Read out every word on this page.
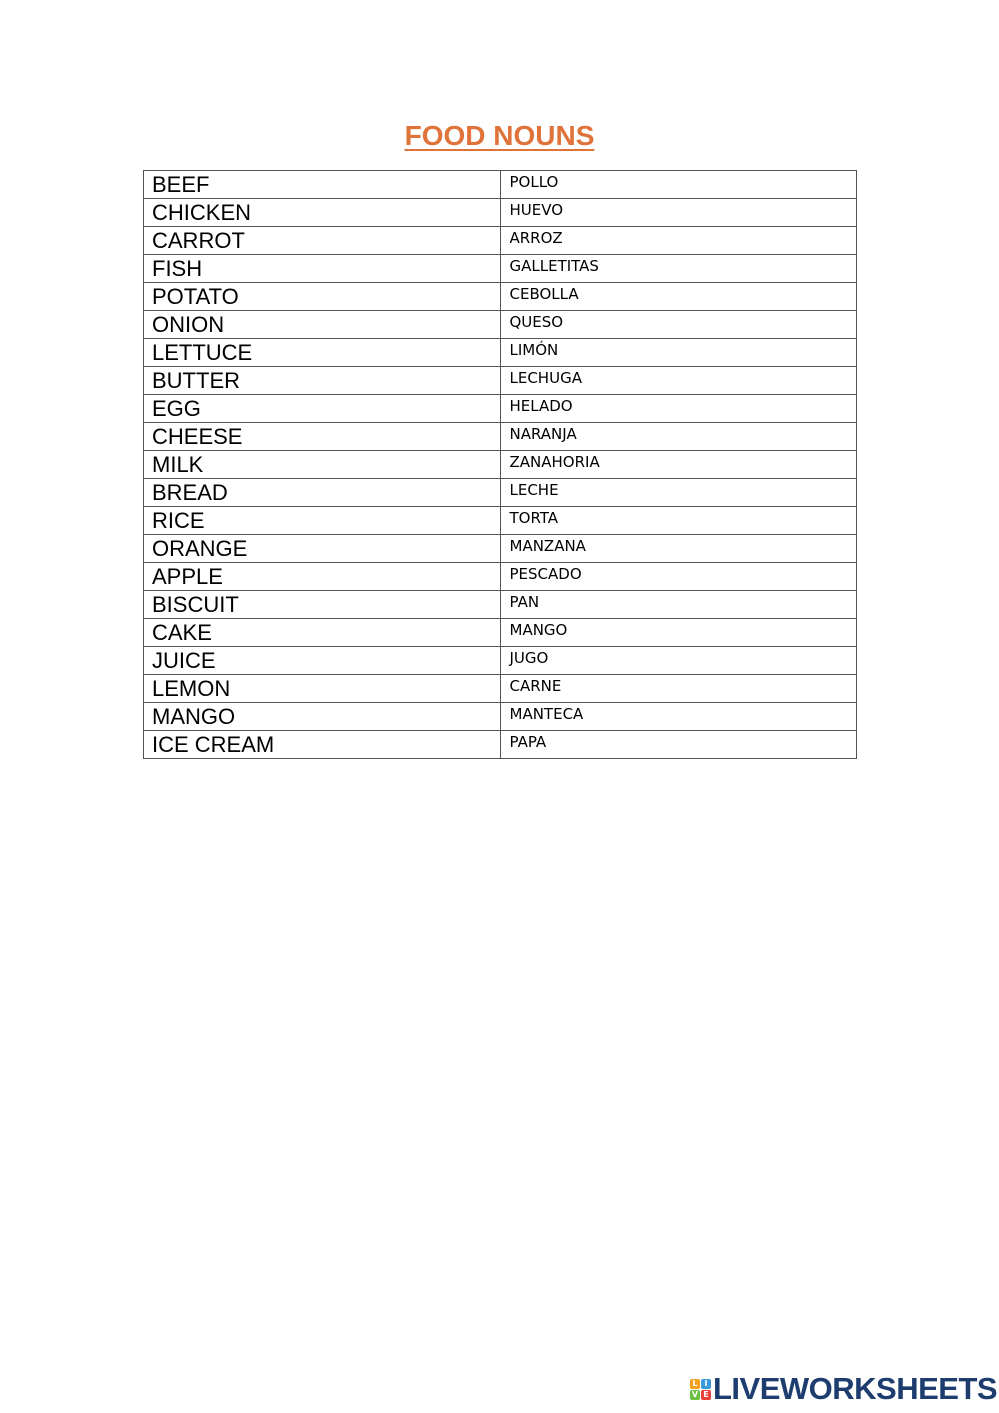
FOOD NOUNS
BEEF	POLLO

CHICKEN	HUEVO

CARROT	ARROZ

FISH	GALLETITAS

POTATO	CEBOLLA

ONION	QUESO

LETTUCE	LIMÓN

BUTTER	LECHUGA

EGG	HELADO

CHEESE	NARANJA

MILK	ZANAHORIA

BREAD	LECHE

RICE	TORTA

ORANGE	MANZANA

APPLE	PESCADO

BISCUIT	PAN

CAKE	MANGO

JUICE	JUGO

LEMON	CARNE

MANGO	MANTECA

ICE CREAM	PAPA
L I
V E LIVEWORKSHEETS
